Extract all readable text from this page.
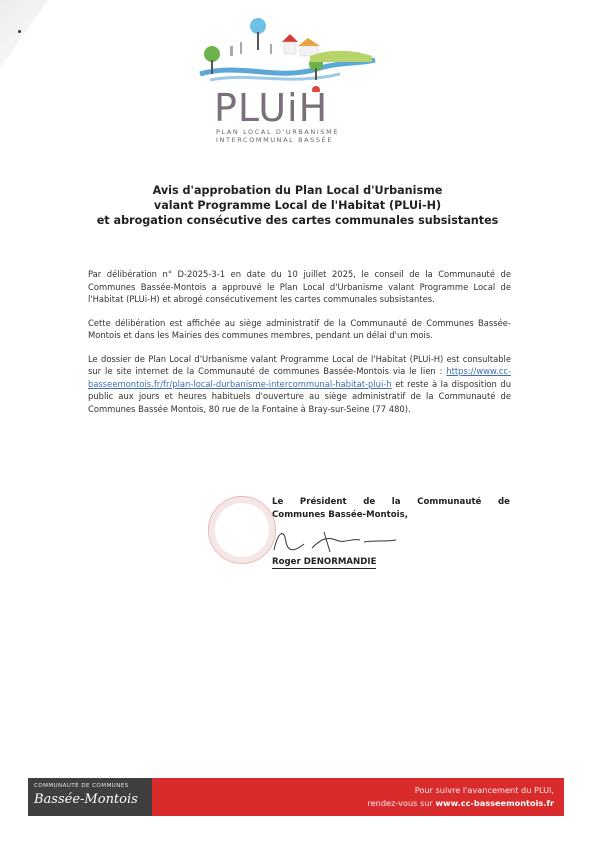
PLUiH
PLAN LOCAL D'URBANISME
INTERCOMMUNAL BASSÉE
Avis d'approbation du Plan Local d'Urbanisme
valant Programme Local de l'Habitat (PLUi-H)
et abrogation consécutive des cartes communales subsistantes

Par délibération n° D-2025-3-1 en date du 10 juillet 2025, le conseil de la Communauté de Communes Bassée-Montois a approuvé le Plan Local d'Urbanisme valant Programme Local de l'Habitat (PLUi-H) et abrogé consécutivement les cartes communales subsistantes.

Cette délibération est affichée au siège administratif de la Communauté de Communes Bassée-Montois et dans les Mairies des communes membres, pendant un délai d'un mois.

Le dossier de Plan Local d'Urbanisme valant Programme Local de l'Habitat (PLUi-H) est consultable sur le site internet de la Communauté de communes Bassée-Montois via le lien : https://www.cc-basseemontois.fr/fr/plan-local-durbanisme-intercommunal-habitat-plui-h et reste à la disposition du public aux jours et heures habituels d'ouverture au siège administratif de la Communauté de Communes Bassée Montois, 80 rue de la Fontaine à Bray-sur-Seine (77 480).

Le Président de la Communauté de
Communes Bassée-Montois,
Roger DENORMANDIE
COMMUNAUTÉ DE COMMUNES
Bassée-Montois
Pour suivre l'avancement du PLUi,
rendez-vous sur www.cc-basseemontois.fr
